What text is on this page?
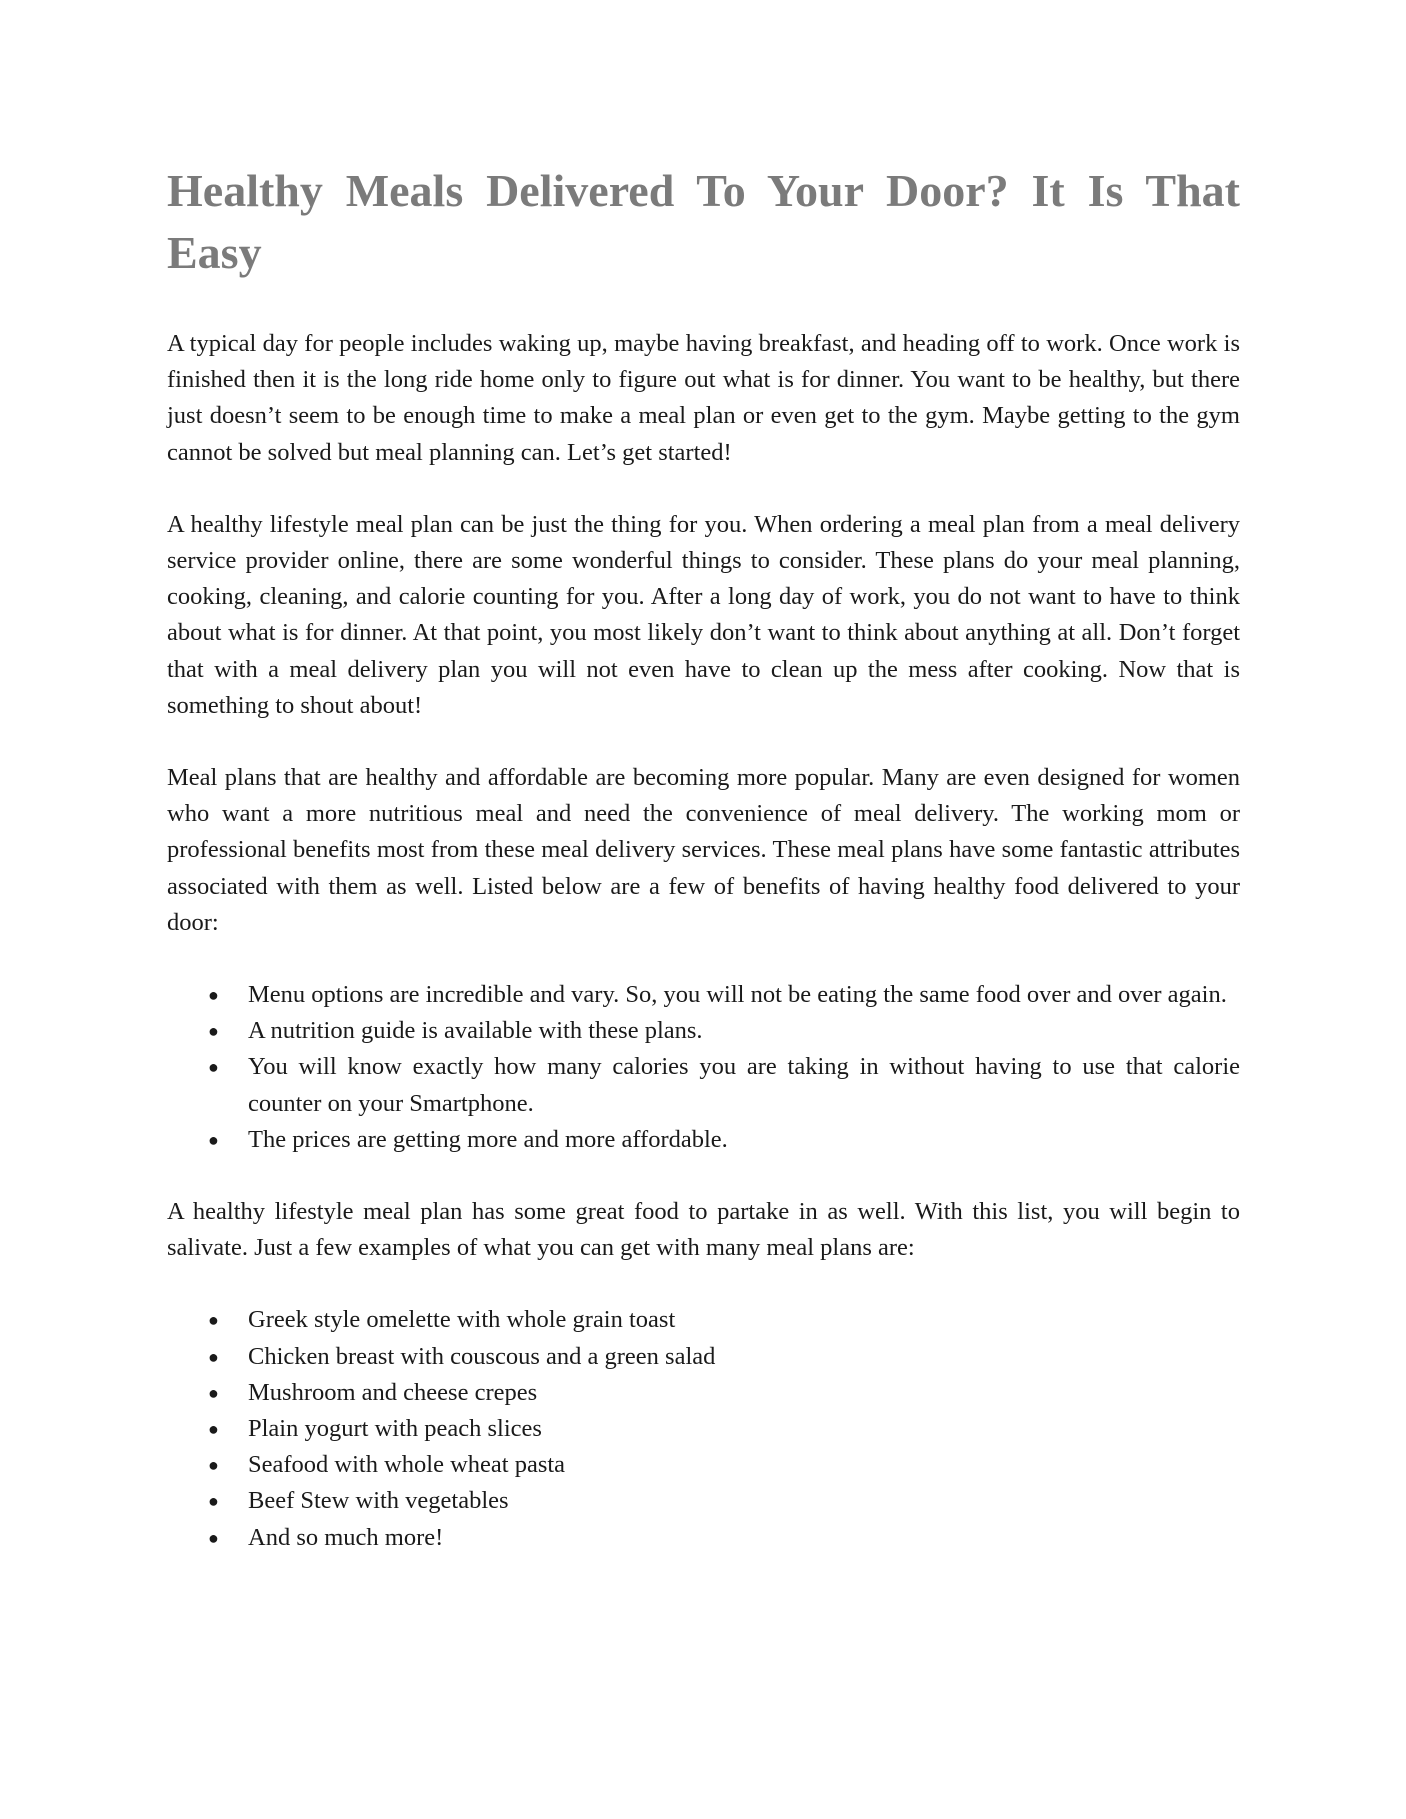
Healthy Meals Delivered To Your Door? It Is That Easy

A typical day for people includes waking up, maybe having breakfast, and heading off to work. Once work is finished then it is the long ride home only to figure out what is for dinner. You want to be healthy, but there just doesn’t seem to be enough time to make a meal plan or even get to the gym. Maybe getting to the gym cannot be solved but meal planning can. Let’s get started!

A healthy lifestyle meal plan can be just the thing for you. When ordering a meal plan from a meal delivery service provider online, there are some wonderful things to consider. These plans do your meal planning, cooking, cleaning, and calorie counting for you. After a long day of work, you do not want to have to think about what is for dinner. At that point, you most likely don’t want to think about anything at all. Don’t forget that with a meal delivery plan you will not even have to clean up the mess after cooking. Now that is something to shout about!

Meal plans that are healthy and affordable are becoming more popular. Many are even designed for women who want a more nutritious meal and need the convenience of meal delivery. The working mom or professional benefits most from these meal delivery services. These meal plans have some fantastic attributes associated with them as well. Listed below are a few of benefits of having healthy food delivered to your door:

● Menu options are incredible and vary. So, you will not be eating the same food over and over again.
● A nutrition guide is available with these plans.
● You will know exactly how many calories you are taking in without having to use that calorie counter on your Smartphone.
● The prices are getting more and more affordable.

A healthy lifestyle meal plan has some great food to partake in as well. With this list, you will begin to salivate. Just a few examples of what you can get with many meal plans are:

● Greek style omelette with whole grain toast
● Chicken breast with couscous and a green salad
● Mushroom and cheese crepes
● Plain yogurt with peach slices
● Seafood with whole wheat pasta
● Beef Stew with vegetables
● And so much more!
